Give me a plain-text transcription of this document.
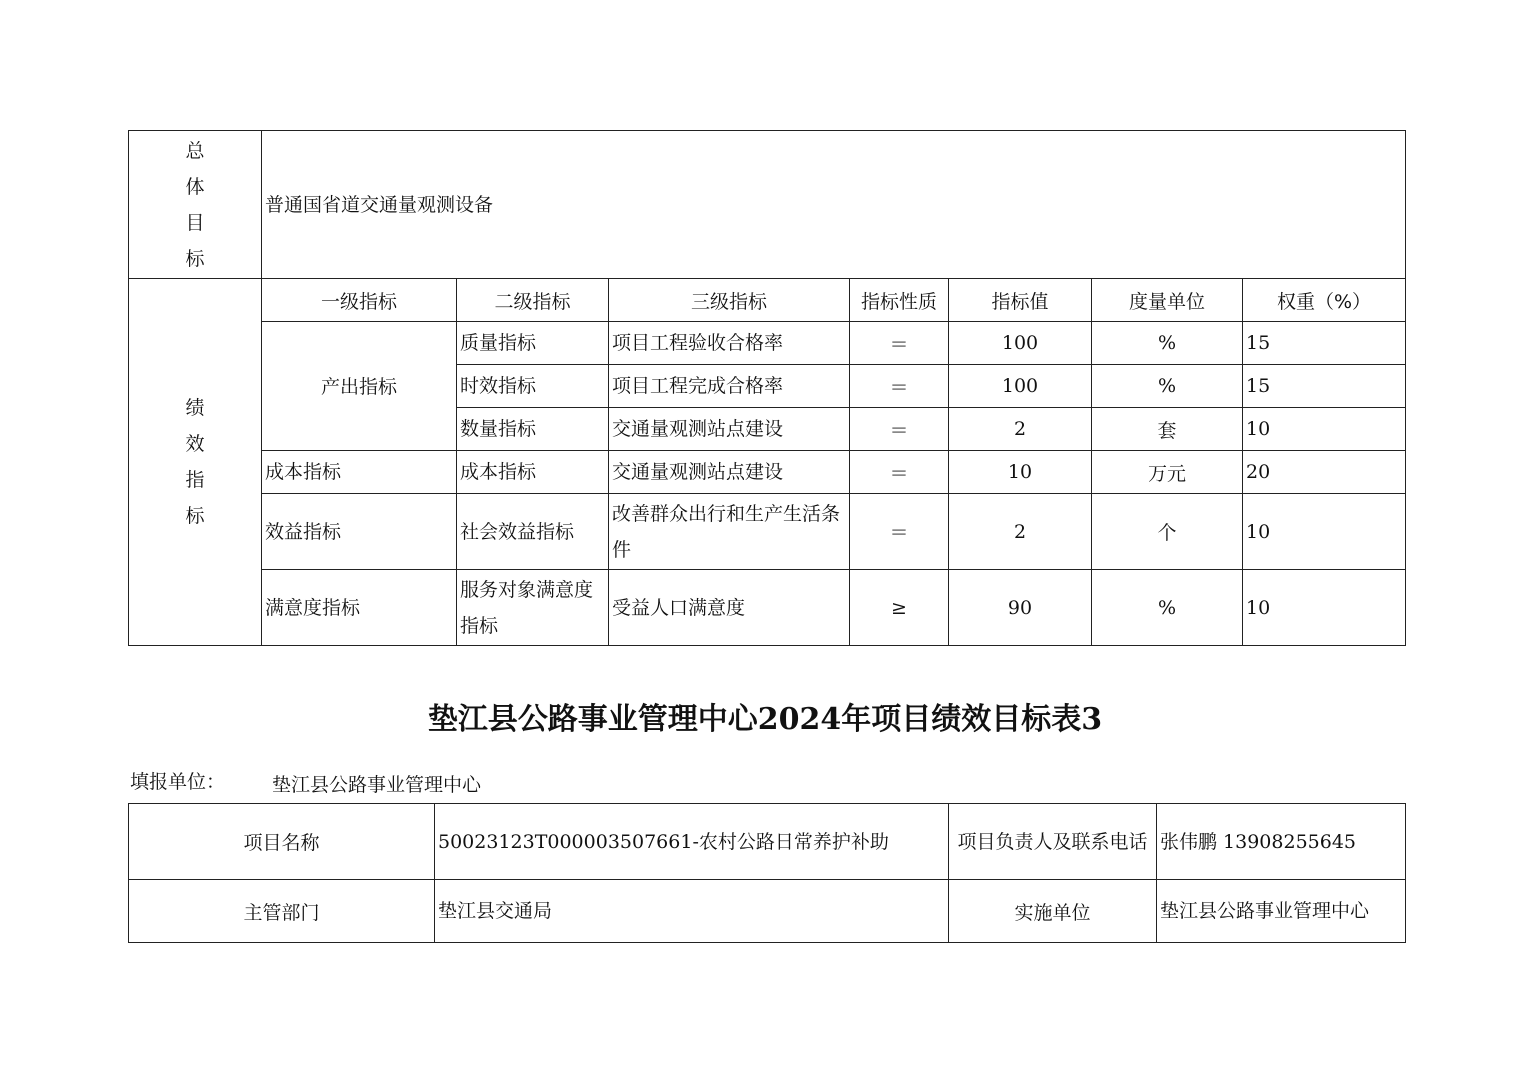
总
体
目
标	普通国省道交通量观测设备						

绩
效
指
标	一级指标	二级指标	三级指标	指标性质	指标值	度量单位	权重（%）
	产出指标	质量指标	项目工程验收合格率	＝	100	%	15
		时效指标	项目工程完成合格率	＝	100	%	15
		数量指标	交通量观测站点建设	＝	2	套	10
	成本指标	成本指标	交通量观测站点建设	＝	10	万元	20
	效益指标	社会效益指标	改善群众出行和生产生活条件	＝	2	个	10
	满意度指标	服务对象满意度指标	受益人口满意度	≥	90	%	10
垫江县公路事业管理中心2024年项目绩效目标表3
填报单位： 垫江县公路事业管理中心
项目名称	50023123T000003507661-农村公路日常养护补助	项目负责人及联系电话	张伟鹏 13908255645
主管部门	垫江县交通局	实施单位	垫江县公路事业管理中心
